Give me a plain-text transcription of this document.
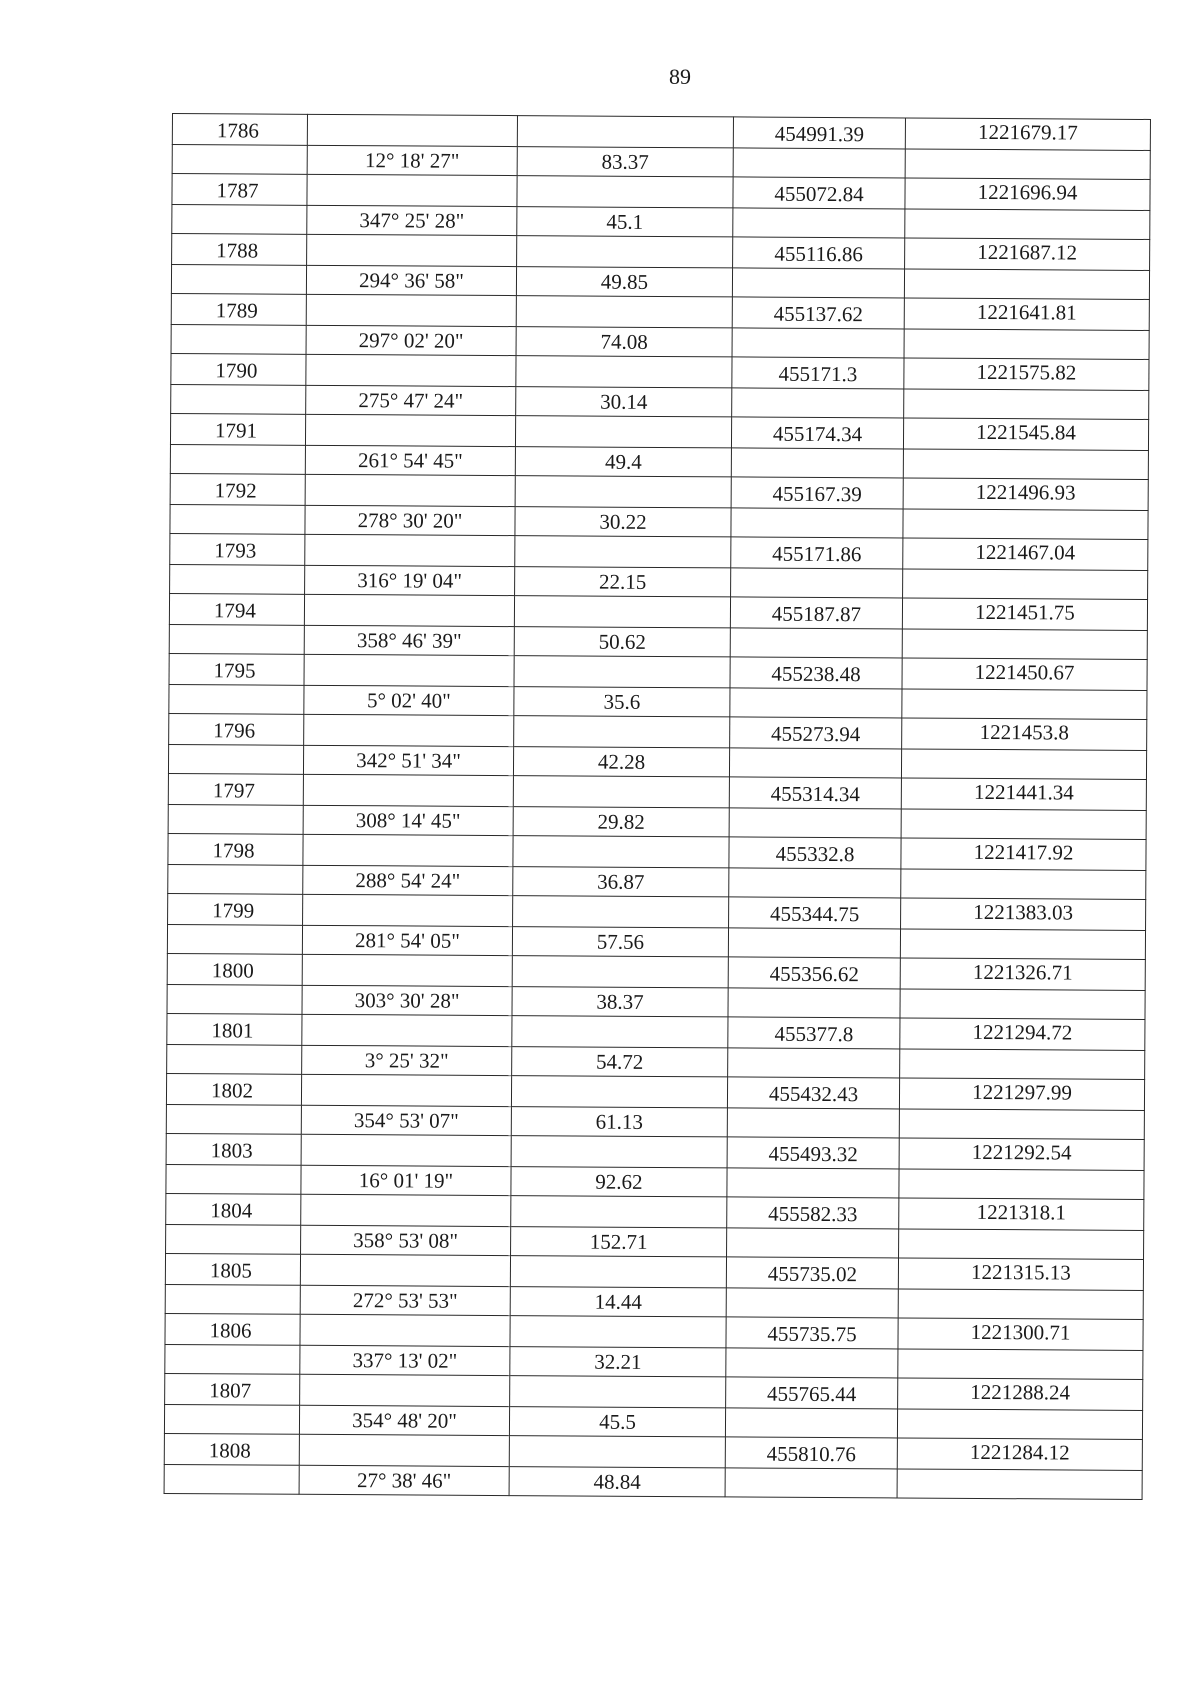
89
1786			454991.39	1221679.17
	12° 18' 27"	83.37		
1787			455072.84	1221696.94
	347° 25' 28"	45.1		
1788			455116.86	1221687.12
	294° 36' 58"	49.85		
1789			455137.62	1221641.81
	297° 02' 20"	74.08		
1790			455171.3	1221575.82
	275° 47' 24"	30.14		
1791			455174.34	1221545.84
	261° 54' 45"	49.4		
1792			455167.39	1221496.93
	278° 30' 20"	30.22		
1793			455171.86	1221467.04
	316° 19' 04"	22.15		
1794			455187.87	1221451.75
	358° 46' 39"	50.62		
1795			455238.48	1221450.67
	5° 02' 40"	35.6		
1796			455273.94	1221453.8
	342° 51' 34"	42.28		
1797			455314.34	1221441.34
	308° 14' 45"	29.82		
1798			455332.8	1221417.92
	288° 54' 24"	36.87		
1799			455344.75	1221383.03
	281° 54' 05"	57.56		
1800			455356.62	1221326.71
	303° 30' 28"	38.37		
1801			455377.8	1221294.72
	3° 25' 32"	54.72		
1802			455432.43	1221297.99
	354° 53' 07"	61.13		
1803			455493.32	1221292.54
	16° 01' 19"	92.62		
1804			455582.33	1221318.1
	358° 53' 08"	152.71		
1805			455735.02	1221315.13
	272° 53' 53"	14.44		
1806			455735.75	1221300.71
	337° 13' 02"	32.21		
1807			455765.44	1221288.24
	354° 48' 20"	45.5		
1808			455810.76	1221284.12
	27° 38' 46"	48.84		
